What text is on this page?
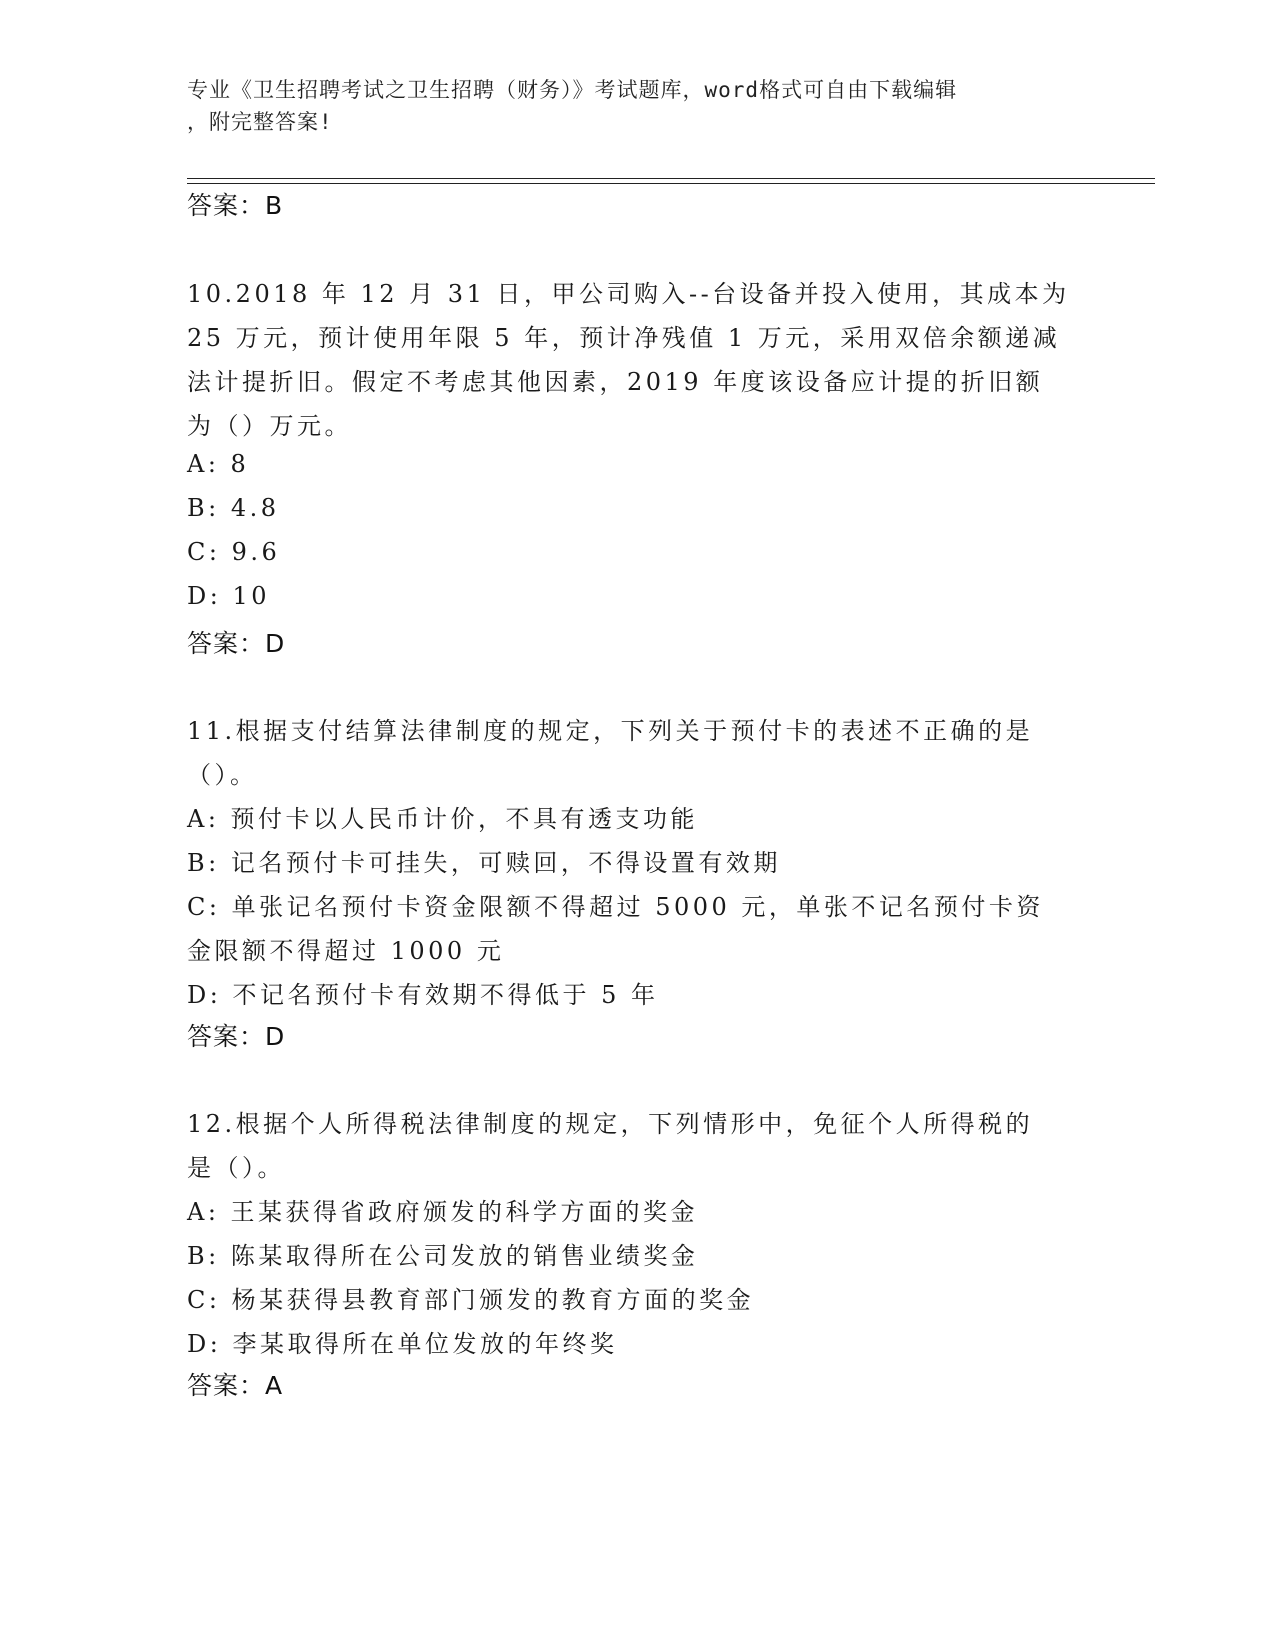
专业《卫生招聘考试之卫生招聘（财务）》考试题库，word格式可自由下载编辑
，附完整答案!
答案：B
10.2018 年 12 月 31 日，甲公司购入--台设备并投入使用，其成本为
25 万元，预计使用年限 5 年，预计净残值 1 万元，采用双倍余额递减
法计提折旧。假定不考虑其他因素，2019 年度该设备应计提的折旧额
为（）万元。
A: 8
B: 4.8
C: 9.6
D: 10
答案：D
11.根据支付结算法律制度的规定，下列关于预付卡的表述不正确的是
（）。
A: 预付卡以人民币计价，不具有透支功能
B: 记名预付卡可挂失，可赎回，不得设置有效期
C: 单张记名预付卡资金限额不得超过 5000 元，单张不记名预付卡资
金限额不得超过 1000 元
D: 不记名预付卡有效期不得低于 5 年
答案：D
12.根据个人所得税法律制度的规定，下列情形中，免征个人所得税的
是（）。
A: 王某获得省政府颁发的科学方面的奖金
B: 陈某取得所在公司发放的销售业绩奖金
C: 杨某获得县教育部门颁发的教育方面的奖金
D: 李某取得所在单位发放的年终奖
答案：A
